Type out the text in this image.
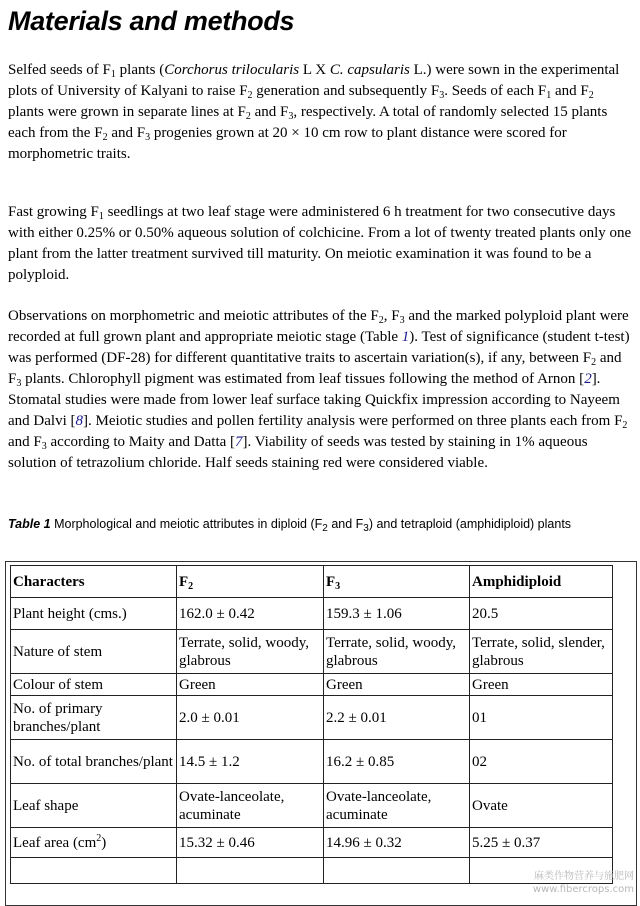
Materials and methods

Selfed seeds of $F_1$ plants (Corchorus trilocularis L X C. capsularis L.) were sown in the experimental plots of University of Kalyani to raise $F_2$ generation and subsequently $F_3$. Seeds of each $F_1$ and $F_2$ plants were grown in separate lines at $F_2$ and $F_3$, respectively. A total of randomly selected 15 plants each from the $F_2$ and $F_3$ progenies grown at 20 × 10 cm row to plant distance were scored for morphometric traits.

Fast growing $F_1$ seedlings at two leaf stage were administered 6 h treatment for two consecutive days with either 0.25% or 0.50% aqueous solution of colchicine. From a lot of twenty treated plants only one plant from the latter treatment survived till maturity. On meiotic examination it was found to be a polyploid.

Observations on morphometric and meiotic attributes of the $F_2$, $F_3$ and the marked polyploid plant were recorded at full grown plant and appropriate meiotic stage (Table 1). Test of significance (student t-test) was performed (DF-28) for different quantitative traits to ascertain variation(s), if any, between $F_2$ and $F_3$ plants. Chlorophyll pigment was estimated from leaf tissues following the method of Arnon [2]. Stomatal studies were made from lower leaf surface taking Quickfix impression according to Nayeem and Dalvi [8]. Meiotic studies and pollen fertility analysis were performed on three plants each from $F_2$ and $F_3$ according to Maity and Datta [7]. Viability of seeds was tested by staining in 1% aqueous solution of tetrazolium chloride. Half seeds staining red were considered viable.

Table 1 Morphological and meiotic attributes in diploid ($F_2$ and $F_3$) and tetraploid (amphidiploid) plants
Characters	$F_2$	$F_3$	Amphidiploid
Plant height (cms.)	162.0 ± 0.42	159.3 ± 1.06	20.5
Nature of stem	Terrate, solid, woody, glabrous	Terrate, solid, woody, glabrous	Terrate, solid, slender, glabrous
Colour of stem	Green	Green	Green
No. of primary branches/plant	2.0 ± 0.01	2.2 ± 0.01	01
No. of total branches/plant	14.5 ± 1.2	16.2 ± 0.85	02
Leaf shape	Ovate-lanceolate, acuminate	Ovate-lanceolate, acuminate	Ovate
Leaf area $(cm^2)$	15.32 ± 0.46	14.96 ± 0.32	5.25 ± 0.37

麻类作物营养与施肥网
www.fibercrops.com
